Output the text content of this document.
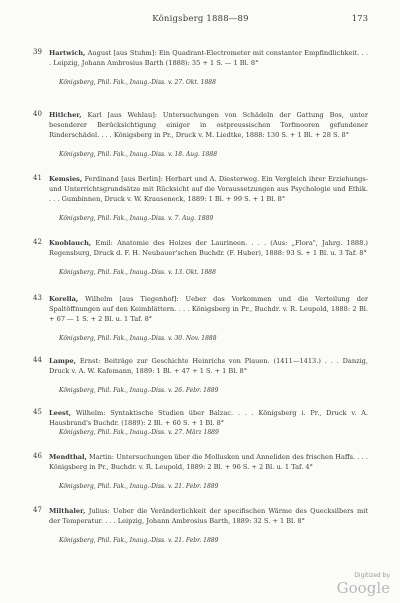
Königsberg 1888—89	173
39	Hartwich, August [aus Stuhm]: Ein Quadrant-Electrometer mit constanter Empfindlichkeit. . . . Leipzig, Johann Ambrosius Barth (1888): 35 + 1 S. — 1 Bl. 8°
Königsberg, Phil. Fak., Inaug.-Diss. v. 27. Okt. 1888
40	Hitlcher, Karl [aus Wehlau]: Untersuchungen von Schädeln der Gattung Bos, unter besonderer Berücksichtigung einiger in ostpreussischen Torfmooren gefundener Rinderschädel. . . . Königsberg in Pr., Druck v. M. Liedtke, 1888: 130 S. + 1 Bl. + 28 S. 8°
Königsberg, Phil. Fak., Inaug.-Diss. v. 18. Aug. 1888
41	Kemsies, Ferdinand [aus Berlin]: Herbart und A. Diesterweg. Ein Vergleich ihrer Erziehungs- und Unterrichtsgrundsätze mit Rücksicht auf die Voraussetzungen aus Psychologie und Ethik. . . . Gumbinnen, Druck v. W. Krauseneck, 1889: 1 Bl. + 99 S. + 1 Bl. 8°
Königsberg, Phil. Fak., Inaug.-Diss. v. 7. Aug. 1889
42	Knoblauch, Emil: Anatomie des Holzes der Laurineen. . . . (Aus: „Flora", Jahrg. 1888.) Regensburg, Druck d. F. H. Neubauer'schen Buchdr. (F. Huber), 1888: 93 S. + 1 Bl. u. 3 Taf. 8°
Königsberg, Phil. Fak., Inaug.-Diss. v. 13. Okt. 1888
43	Korella, Wilhelm [aus Tiegenhof]: Ueber das Vorkommen und die Verteilung der Spaltöffnungen auf den Keimblättern. . . . Königsberg in Pr., Buchdr. v. R. Leupold, 1888: 2 Bl. + 67 — 1 S. + 2 Bl. u. 1 Taf. 8°
Königsberg, Phil. Fak., Inaug.-Diss. v. 30. Nov. 1888
44	Lampe, Ernst: Beiträge zur Geschichte Heinrichs von Plauen. (1411—1413.) . . . Danzig, Druck v. A. W. Kafemann, 1889: 1 Bl. + 47 + 1 S. + 1 Bl. 8°
Königsberg, Phil. Fak., Inaug.-Diss. v. 26. Febr. 1889
45	Leest, Wilhelm: Syntaktische Studien über Balzac. . . . Königsberg i. Pr., Druck v. A. Hausbrand's Buchdr. (1889): 2 Bl. + 60 S. + 1 Bl. 8°
Königsberg, Phil. Fak., Inaug.-Diss. v. 27. März 1889
46	Mendthal, Martin: Untersuchungen über die Mollusken und Anneliden des frischen Haffs. . . . Königsberg in Pr., Buchdr. v. R. Leupold, 1889: 2 Bl. + 96 S. + 2 Bl. u. 1 Taf. 4°
Königsberg, Phil. Fak., Inaug.-Diss. v. 21. Febr. 1889
47	Milthaler, Julius: Ueber die Veränderlichkeit der specifischen Wärme des Quecksilbers mit der Temperatur. . . . Leipzig, Johann Ambrosius Barth, 1889: 32 S. + 1 Bl. 8°
Königsberg, Phil. Fak., Inaug.-Diss. v. 21. Febr. 1889
Digitized by
Google
